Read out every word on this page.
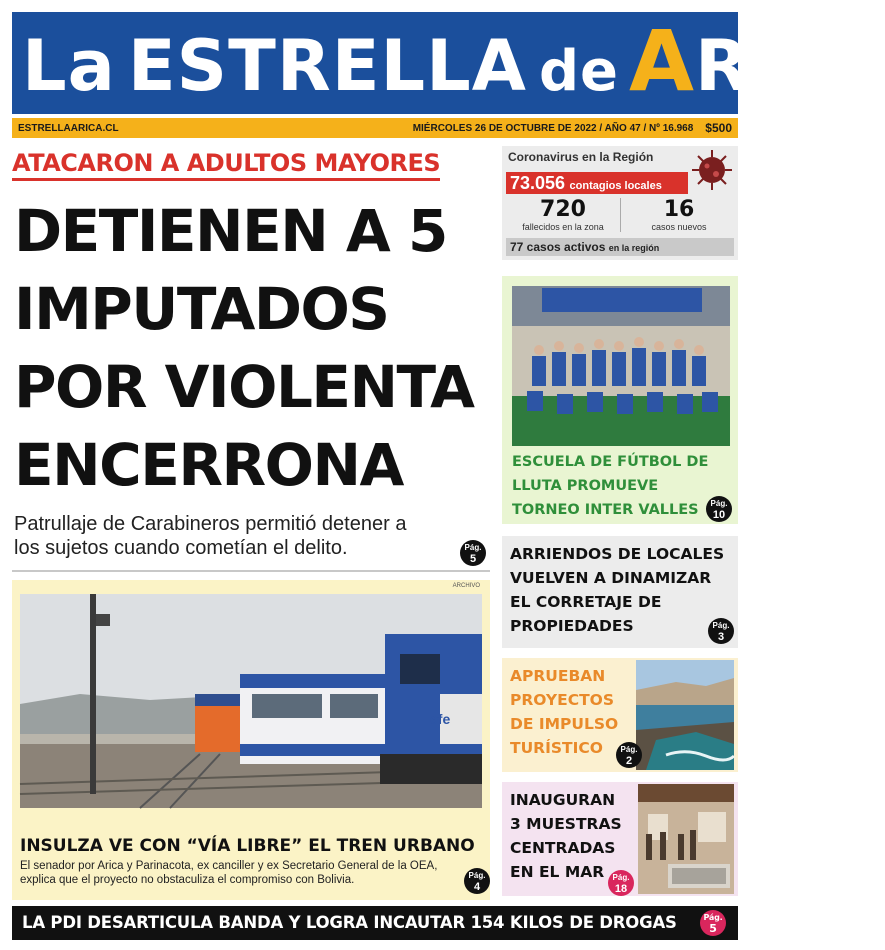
La ESTRELLA de A RICA
ESTRELLAARICA.CL	MIÉRCOLES 26 DE OCTUBRE DE 2022 / AÑO 47 / Nº 16.968 $500
ATACARON A ADULTOS MAYORES
DETIENEN A 5
IMPUTADOS
POR VIOLENTA
ENCERRONA
Patrullaje de Carabineros permitió detener a
los sujetos cuando cometían el delito.	Pág.
5
ARCHIVO
efe
INSULZA VE CON “VÍA LIBRE” EL TREN URBANO
El senador por Arica y Parinacota, ex canciller y ex Secretario General de la OEA,
explica que el proyecto no obstaculiza el compromiso con Bolivia.	Pág.
4
Coronavirus en la Región
73.056 contagios locales
720
fallecidos en la zona
16
casos nuevos
77 casos activos en la región
ESCUELA DE FÚTBOL DE
LLUTA PROMUEVE
TORNEO INTER VALLES	Pág.
10
ARRIENDOS DE LOCALES
VUELVEN A DINAMIZAR
EL CORRETAJE DE
PROPIEDADES	Pág.
3
APRUEBAN
PROYECTOS
DE IMPULSO
TURÍSTICO	Pág.
2
INAUGURAN
3 MUESTRAS
CENTRADAS
EN EL MAR	Pág.
18
LA PDI DESARTICULA BANDA Y LOGRA INCAUTAR 154 KILOS DE DROGAS	Pág.
5
